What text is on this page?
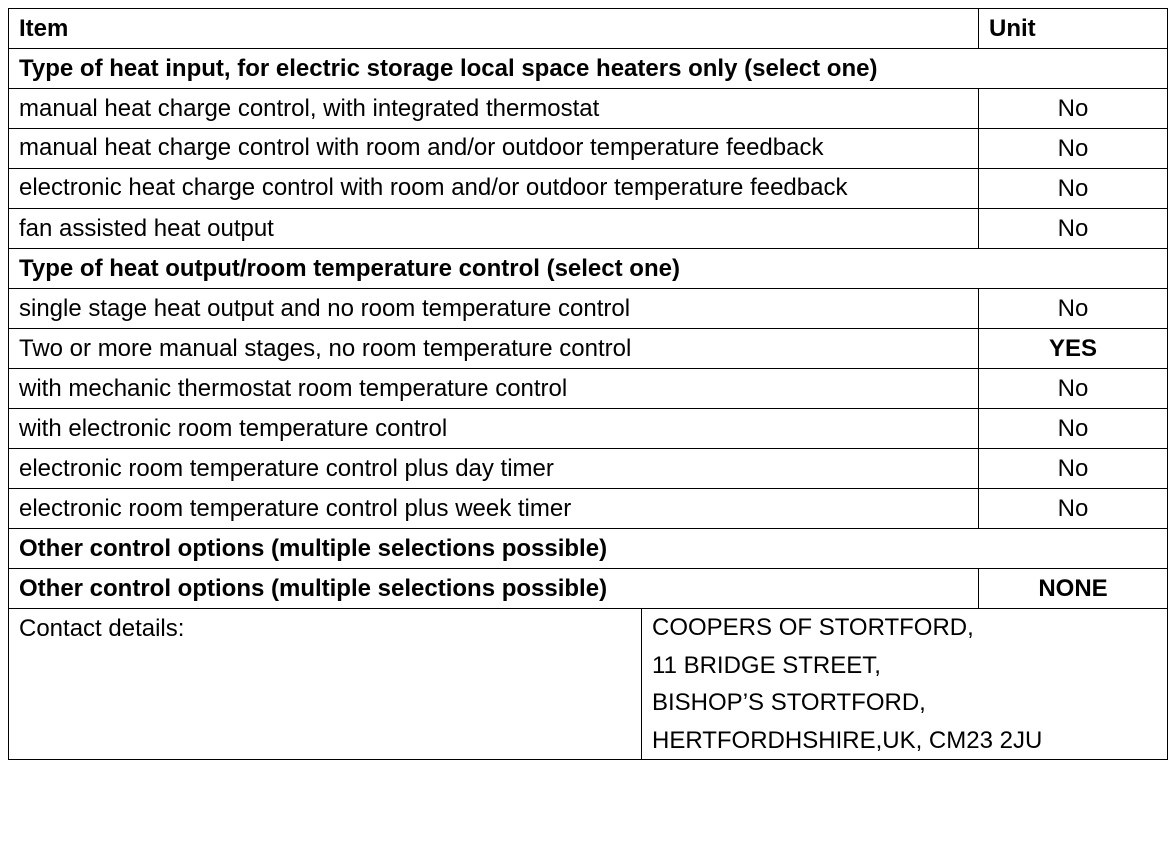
Item		Unit
Type of heat input, for electric storage local space heaters only (select one)		
manual heat charge control, with integrated thermostat		No
manual heat charge control with room and/or outdoor temperature feedback		No
electronic heat charge control with room and/or outdoor temperature feedback		No
fan assisted heat output		No
Type of heat output/room temperature control (select one)		
single stage heat output and no room temperature control		No
Two or more manual stages, no room temperature control		YES
with mechanic thermostat room temperature control		No
with electronic room temperature control		No
electronic room temperature control plus day timer		No
electronic room temperature control plus week timer		No
Other control options (multiple selections possible)		
Other control options (multiple selections possible)		NONE
Contact details:	COOPERS OF STORTFORD,
11 BRIDGE STREET,
BISHOP’S STORTFORD,
HERTFORDHSHIRE,UK, CM23 2JU	
